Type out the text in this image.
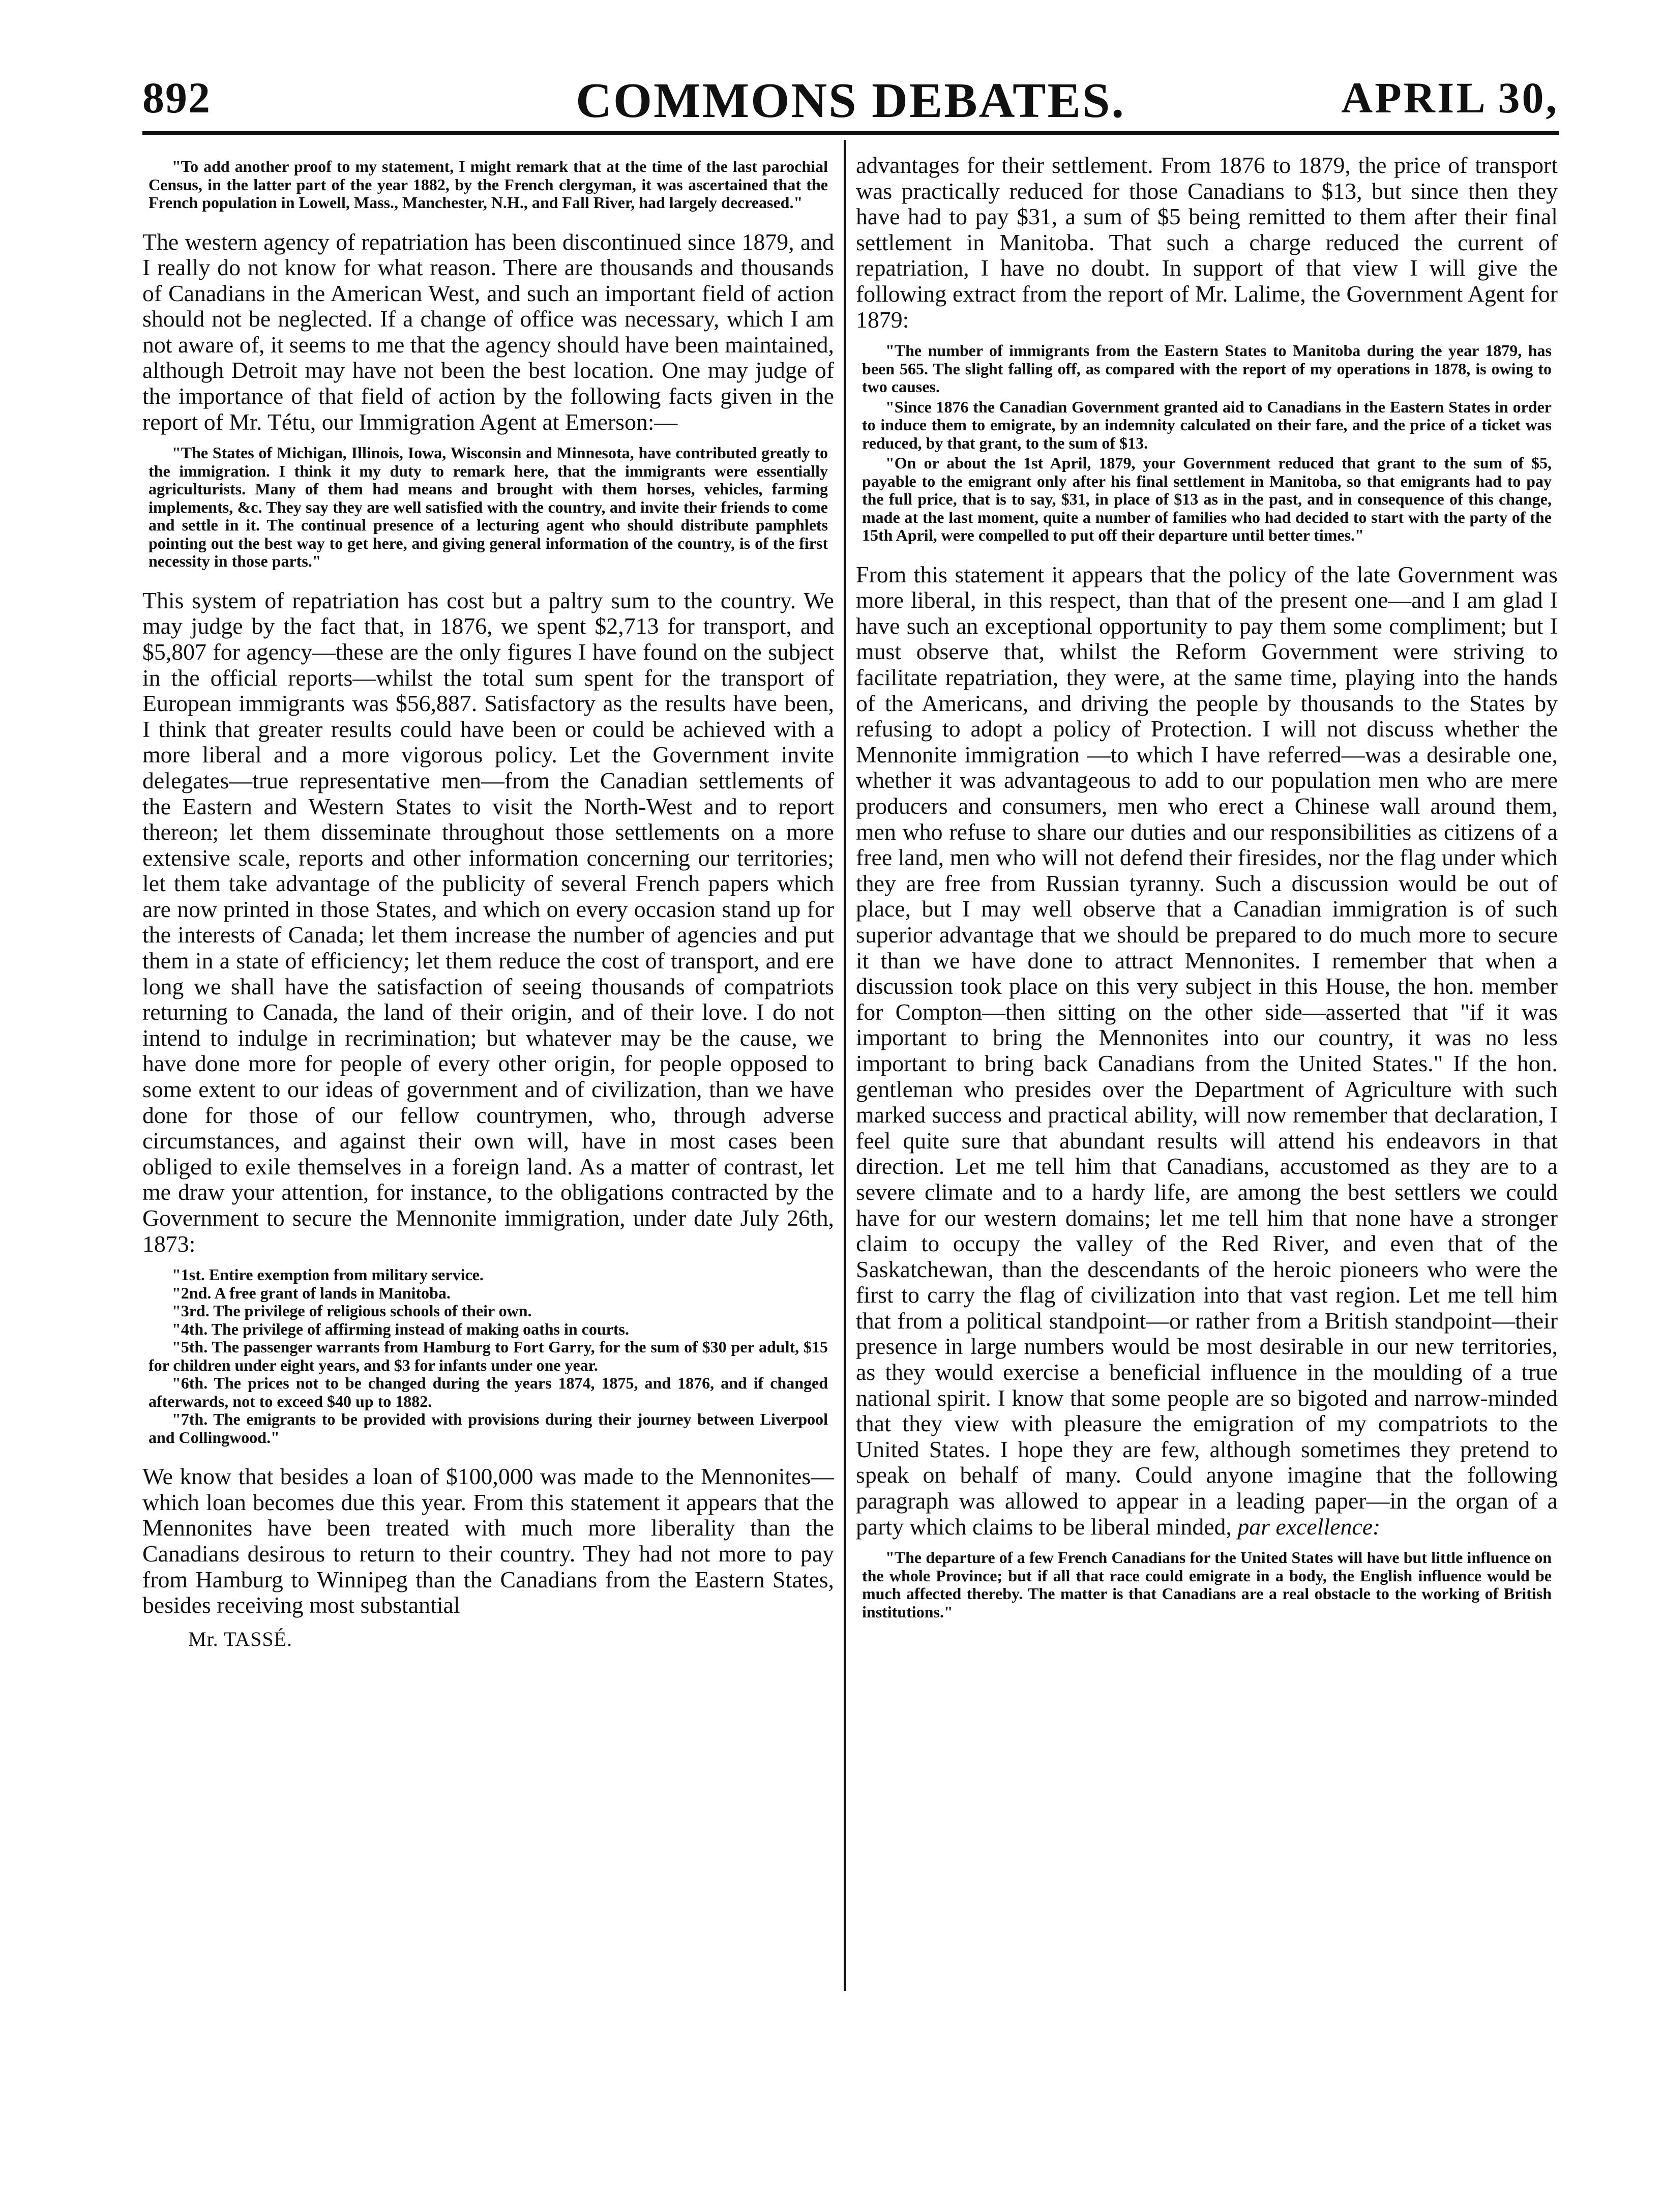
892	COMMONS DEBATES.	APRIL 30,

"To add another proof to my statement, I might remark that at the time of the last parochial Census, in the latter part of the year 1882, by the French clergyman, it was ascertained that the French population in Lowell, Mass., Manchester, N.H., and Fall River, had largely decreased."

The western agency of repatriation has been discontinued since 1879, and I really do not know for what reason. There are thousands and thousands of Canadians in the American West, and such an important field of action should not be neglected. If a change of office was necessary, which I am not aware of, it seems to me that the agency should have been maintained, although Detroit may have not been the best location. One may judge of the importance of that field of action by the following facts given in the report of Mr. Tétu, our Immigration Agent at Emerson:—

"The States of Michigan, Illinois, Iowa, Wisconsin and Minnesota, have contributed greatly to the immigration. I think it my duty to remark here, that the immigrants were essentially agriculturists. Many of them had means and brought with them horses, vehicles, farming implements, &c. They say they are well satisfied with the country, and invite their friends to come and settle in it. The continual presence of a lecturing agent who should distribute pamphlets pointing out the best way to get here, and giving general information of the country, is of the first necessity in those parts."

This system of repatriation has cost but a paltry sum to the country. We may judge by the fact that, in 1876, we spent $2,713 for transport, and $5,807 for agency—these are the only figures I have found on the subject in the official reports—whilst the total sum spent for the transport of European immigrants was $56,887. Satisfactory as the results have been, I think that greater results could have been or could be achieved with a more liberal and a more vigorous policy. Let the Government invite delegates—true representative men—from the Canadian settlements of the Eastern and Western States to visit the North-West and to report thereon; let them disseminate throughout those settlements on a more extensive scale, reports and other information concerning our territories; let them take advantage of the publicity of several French papers which are now printed in those States, and which on every occasion stand up for the interests of Canada; let them increase the number of agencies and put them in a state of efficiency; let them reduce the cost of transport, and ere long we shall have the satisfaction of seeing thousands of compatriots returning to Canada, the land of their origin, and of their love. I do not intend to indulge in recrimination; but whatever may be the cause, we have done more for people of every other origin, for people opposed to some extent to our ideas of government and of civilization, than we have done for those of our fellow countrymen, who, through adverse circumstances, and against their own will, have in most cases been obliged to exile themselves in a foreign land. As a matter of contrast, let me draw your attention, for instance, to the obligations contracted by the Government to secure the Mennonite immigration, under date July 26th, 1873:

"1st. Entire exemption from military service.

"2nd. A free grant of lands in Manitoba.

"3rd. The privilege of religious schools of their own.

"4th. The privilege of affirming instead of making oaths in courts.

"5th. The passenger warrants from Hamburg to Fort Garry, for the sum of $30 per adult, $15 for children under eight years, and $3 for infants under one year.

"6th. The prices not to be changed during the years 1874, 1875, and 1876, and if changed afterwards, not to exceed $40 up to 1882.

"7th. The emigrants to be provided with provisions during their journey between Liverpool and Collingwood."

We know that besides a loan of $100,000 was made to the Mennonites—which loan becomes due this year. From this statement it appears that the Mennonites have been treated with much more liberality than the Canadians desirous to return to their country. They had not more to pay from Hamburg to Winnipeg than the Canadians from the Eastern States, besides receiving most substantial

Mr. TASSÉ.

advantages for their settlement. From 1876 to 1879, the price of transport was practically reduced for those Canadians to $13, but since then they have had to pay $31, a sum of $5 being remitted to them after their final settlement in Manitoba. That such a charge reduced the current of repatriation, I have no doubt. In support of that view I will give the following extract from the report of Mr. Lalime, the Government Agent for 1879:

"The number of immigrants from the Eastern States to Manitoba during the year 1879, has been 565. The slight falling off, as compared with the report of my operations in 1878, is owing to two causes.

"Since 1876 the Canadian Government granted aid to Canadians in the Eastern States in order to induce them to emigrate, by an indemnity calculated on their fare, and the price of a ticket was reduced, by that grant, to the sum of $13.

"On or about the 1st April, 1879, your Government reduced that grant to the sum of $5, payable to the emigrant only after his final settlement in Manitoba, so that emigrants had to pay the full price, that is to say, $31, in place of $13 as in the past, and in consequence of this change, made at the last moment, quite a number of families who had decided to start with the party of the 15th April, were compelled to put off their departure until better times."

From this statement it appears that the policy of the late Government was more liberal, in this respect, than that of the present one—and I am glad I have such an exceptional opportunity to pay them some compliment; but I must observe that, whilst the Reform Government were striving to facilitate repatriation, they were, at the same time, playing into the hands of the Americans, and driving the people by thousands to the States by refusing to adopt a policy of Protection. I will not discuss whether the Mennonite immigration —to which I have referred—was a desirable one, whether it was advantageous to add to our population men who are mere producers and consumers, men who erect a Chinese wall around them, men who refuse to share our duties and our responsibilities as citizens of a free land, men who will not defend their firesides, nor the flag under which they are free from Russian tyranny. Such a discussion would be out of place, but I may well observe that a Canadian immigration is of such superior advantage that we should be prepared to do much more to secure it than we have done to attract Mennonites. I remember that when a discussion took place on this very subject in this House, the hon. member for Compton—then sitting on the other side—asserted that "if it was important to bring the Mennonites into our country, it was no less important to bring back Canadians from the United States." If the hon. gentleman who presides over the Department of Agriculture with such marked success and practical ability, will now remember that declaration, I feel quite sure that abundant results will attend his endeavors in that direction. Let me tell him that Canadians, accustomed as they are to a severe climate and to a hardy life, are among the best settlers we could have for our western domains; let me tell him that none have a stronger claim to occupy the valley of the Red River, and even that of the Saskatchewan, than the descendants of the heroic pioneers who were the first to carry the flag of civilization into that vast region. Let me tell him that from a political standpoint—or rather from a British standpoint—their presence in large numbers would be most desirable in our new territories, as they would exercise a beneficial influence in the moulding of a true national spirit. I know that some people are so bigoted and narrow-minded that they view with pleasure the emigration of my compatriots to the United States. I hope they are few, although sometimes they pretend to speak on behalf of many. Could anyone imagine that the following paragraph was allowed to appear in a leading paper—in the organ of a party which claims to be liberal minded, par excellence:

"The departure of a few French Canadians for the United States will have but little influence on the whole Province; but if all that race could emigrate in a body, the English influence would be much affected thereby. The matter is that Canadians are a real obstacle to the working of British institutions."
